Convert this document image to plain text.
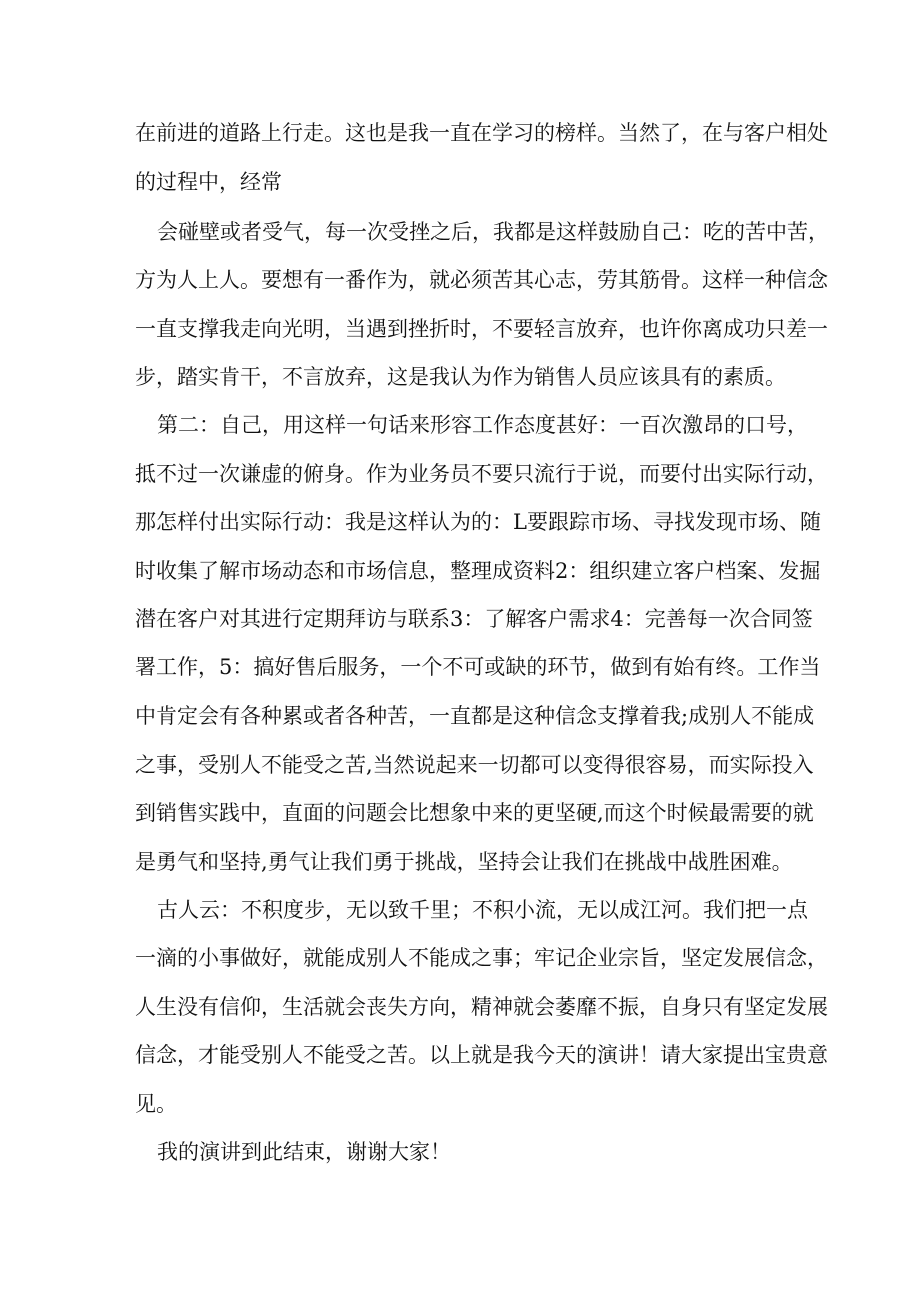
在前进的道路上行走。这也是我一直在学习的榜样。当然了，在与客户相处
的过程中，经常
会碰壁或者受气，每一次受挫之后，我都是这样鼓励自己：吃的苦中苦，
方为人上人。要想有一番作为，就必须苦其心志，劳其筋骨。这样一种信念
一直支撑我走向光明，当遇到挫折时，不要轻言放弃，也许你离成功只差一
步，踏实肯干，不言放弃，这是我认为作为销售人员应该具有的素质。
第二：自己，用这样一句话来形容工作态度甚好：一百次激昂的口号，
抵不过一次谦虚的俯身。作为业务员不要只流行于说，而要付出实际行动，
那怎样付出实际行动：我是这样认为的：L要跟踪市场、寻找发现市场、随
时收集了解市场动态和市场信息，整理成资料2：组织建立客户档案、发掘
潜在客户对其进行定期拜访与联系3：了解客户需求4：完善每一次合同签
署工作，5：搞好售后服务，一个不可或缺的环节，做到有始有终。工作当
中肯定会有各种累或者各种苦，一直都是这种信念支撑着我;成别人不能成
之事，受别人不能受之苦,当然说起来一切都可以变得很容易，而实际投入
到销售实践中，直面的问题会比想象中来的更坚硬,而这个时候最需要的就
是勇气和坚持,勇气让我们勇于挑战，坚持会让我们在挑战中战胜困难。
古人云：不积度步，无以致千里；不积小流，无以成江河。我们把一点
一滴的小事做好，就能成别人不能成之事；牢记企业宗旨，坚定发展信念，
人生没有信仰，生活就会丧失方向，精神就会萎靡不振，自身只有坚定发展
信念，才能受别人不能受之苦。以上就是我今天的演讲！请大家提出宝贵意
见。
我的演讲到此结束，谢谢大家！
